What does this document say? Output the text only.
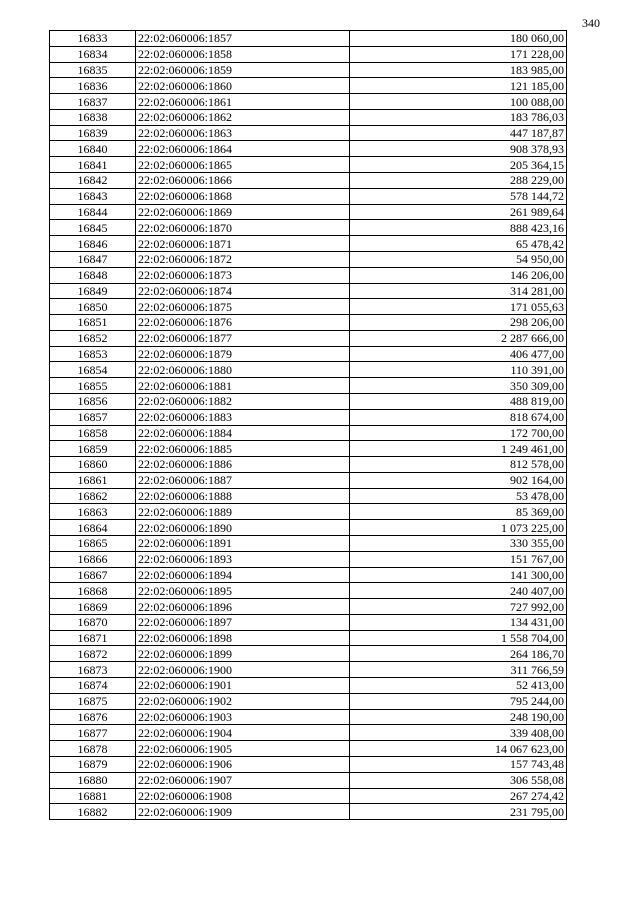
340
16833	22:02:060006:1857	180 060,00
16834	22:02:060006:1858	171 228,00
16835	22:02:060006:1859	183 985,00
16836	22:02:060006:1860	121 185,00
16837	22:02:060006:1861	100 088,00
16838	22:02:060006:1862	183 786,03
16839	22:02:060006:1863	447 187,87
16840	22:02:060006:1864	908 378,93
16841	22:02:060006:1865	205 364,15
16842	22:02:060006:1866	288 229,00
16843	22:02:060006:1868	578 144,72
16844	22:02:060006:1869	261 989,64
16845	22:02:060006:1870	888 423,16
16846	22:02:060006:1871	65 478,42
16847	22:02:060006:1872	54 950,00
16848	22:02:060006:1873	146 206,00
16849	22:02:060006:1874	314 281,00
16850	22:02:060006:1875	171 055,63
16851	22:02:060006:1876	298 206,00
16852	22:02:060006:1877	2 287 666,00
16853	22:02:060006:1879	406 477,00
16854	22:02:060006:1880	110 391,00
16855	22:02:060006:1881	350 309,00
16856	22:02:060006:1882	488 819,00
16857	22:02:060006:1883	818 674,00
16858	22:02:060006:1884	172 700,00
16859	22:02:060006:1885	1 249 461,00
16860	22:02:060006:1886	812 578,00
16861	22:02:060006:1887	902 164,00
16862	22:02:060006:1888	53 478,00
16863	22:02:060006:1889	85 369,00
16864	22:02:060006:1890	1 073 225,00
16865	22:02:060006:1891	330 355,00
16866	22:02:060006:1893	151 767,00
16867	22:02:060006:1894	141 300,00
16868	22:02:060006:1895	240 407,00
16869	22:02:060006:1896	727 992,00
16870	22:02:060006:1897	134 431,00
16871	22:02:060006:1898	1 558 704,00
16872	22:02:060006:1899	264 186,70
16873	22:02:060006:1900	311 766,59
16874	22:02:060006:1901	52 413,00
16875	22:02:060006:1902	795 244,00
16876	22:02:060006:1903	248 190,00
16877	22:02:060006:1904	339 408,00
16878	22:02:060006:1905	14 067 623,00
16879	22:02:060006:1906	157 743,48
16880	22:02:060006:1907	306 558,08
16881	22:02:060006:1908	267 274,42
16882	22:02:060006:1909	231 795,00
